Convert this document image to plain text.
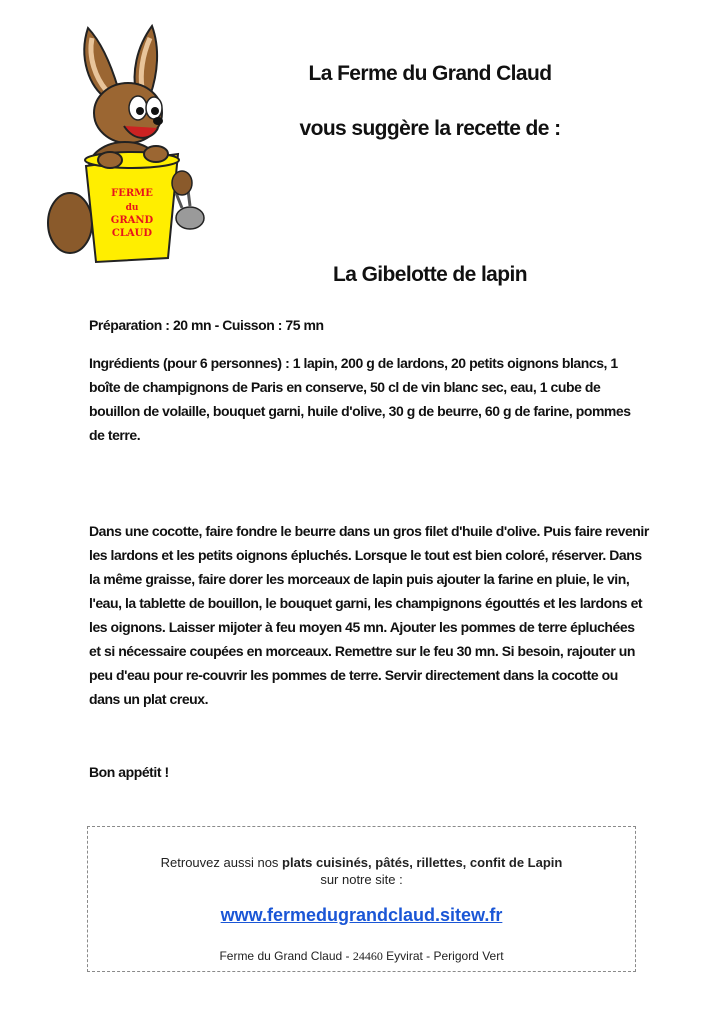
FERME
du
GRAND
CLAUD
La Ferme du Grand Claud
vous suggère la recette de :
La Gibelotte de lapin
Préparation : 20 mn - Cuisson : 75 mn
Ingrédients (pour 6 personnes) : 1 lapin, 200 g de lardons, 20 petits oignons blancs, 1 boîte de champignons de Paris en conserve, 50 cl de vin blanc sec, eau, 1 cube de bouillon de volaille, bouquet garni, huile d'olive, 30 g de beurre, 60 g de farine, pommes de terre.
Dans une cocotte, faire fondre le beurre dans un gros filet d'huile d'olive. Puis faire revenir les lardons et les petits oignons épluchés. Lorsque le tout est bien coloré, réserver. Dans la même graisse, faire dorer les morceaux de lapin puis ajouter la farine en pluie, le vin, l'eau, la tablette de bouillon, le bouquet garni, les champignons égouttés et les lardons et les oignons. Laisser mijoter à feu moyen 45 mn. Ajouter les pommes de terre épluchées et si nécessaire coupées en morceaux. Remettre sur le feu 30 mn. Si besoin, rajouter un peu d'eau pour re-couvrir les pommes de terre. Servir directement dans la cocotte ou dans un plat creux.
Bon appétit !
Retrouvez aussi nos plats cuisinés, pâtés, rillettes, confit de Lapin
sur notre site :
www.fermedugrandclaud.sitew.fr
Ferme du Grand Claud - 24460 Eyvirat - Perigord Vert
